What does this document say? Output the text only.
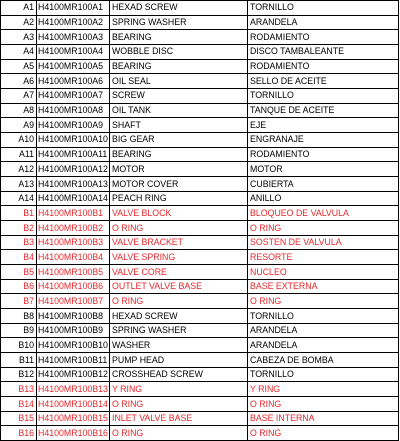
A1	H4100MR100A1	HEXAD SCREW	TORNILLO
A2	H4100MR100A2	SPRING WASHER	ARANDELA
A3	H4100MR100A3	BEARING	RODAMIENTO
A4	H4100MR100A4	WOBBLE DISC	DISCO TAMBALEANTE
A5	H4100MR100A5	BEARING	RODAMIENTO
A6	H4100MR100A6	OIL SEAL	SELLO DE ACEITE
A7	H4100MR100A7	SCREW	TORNILLO
A8	H4100MR100A8	OIL TANK	TANQUE DE ACEITE
A9	H4100MR100A9	SHAFT	EJE
A10	H4100MR100A10	BIG GEAR	ENGRANAJE
A11	H4100MR100A11	BEARING	RODAMIENTO
A12	H4100MR100A12	MOTOR	MOTOR
A13	H4100MR100A13	MOTOR COVER	CUBIERTA
A14	H4100MR100A14	PEACH RING	ANILLO
B1	H4100MR100B1	VALVE BLOCK	BLOQUEO DE VALVULA
B2	H4100MR100B2	O RING	O RING
B3	H4100MR100B3	VALVE BRACKET	SOSTEN DE VALVULA
B4	H4100MR100B4	VALVE SPRING	RESORTE
B5	H4100MR100B5	VALVE CORE	NUCLEO
B6	H4100MR100B6	OUTLET VALVE BASE	BASE EXTERNA
B7	H4100MR100B7	O RING	O RING
B8	H4100MR100B8	HEXAD SCREW	TORNILLO
B9	H4100MR100B9	SPRING WASHER	ARANDELA
B10	H4100MR100B10	WASHER	ARANDELA
B11	H4100MR100B11	PUMP HEAD	CABEZA DE BOMBA
B12	H4100MR100B12	CROSSHEAD SCREW	TORNILLO
B13	H4100MR100B13	Y RING	Y RING
B14	H4100MR100B14	O RING	O RING
B15	H4100MR100B15	INLET VALVE BASE	BASE INTERNA
B16	H4100MR100B16	O RING	O RING
